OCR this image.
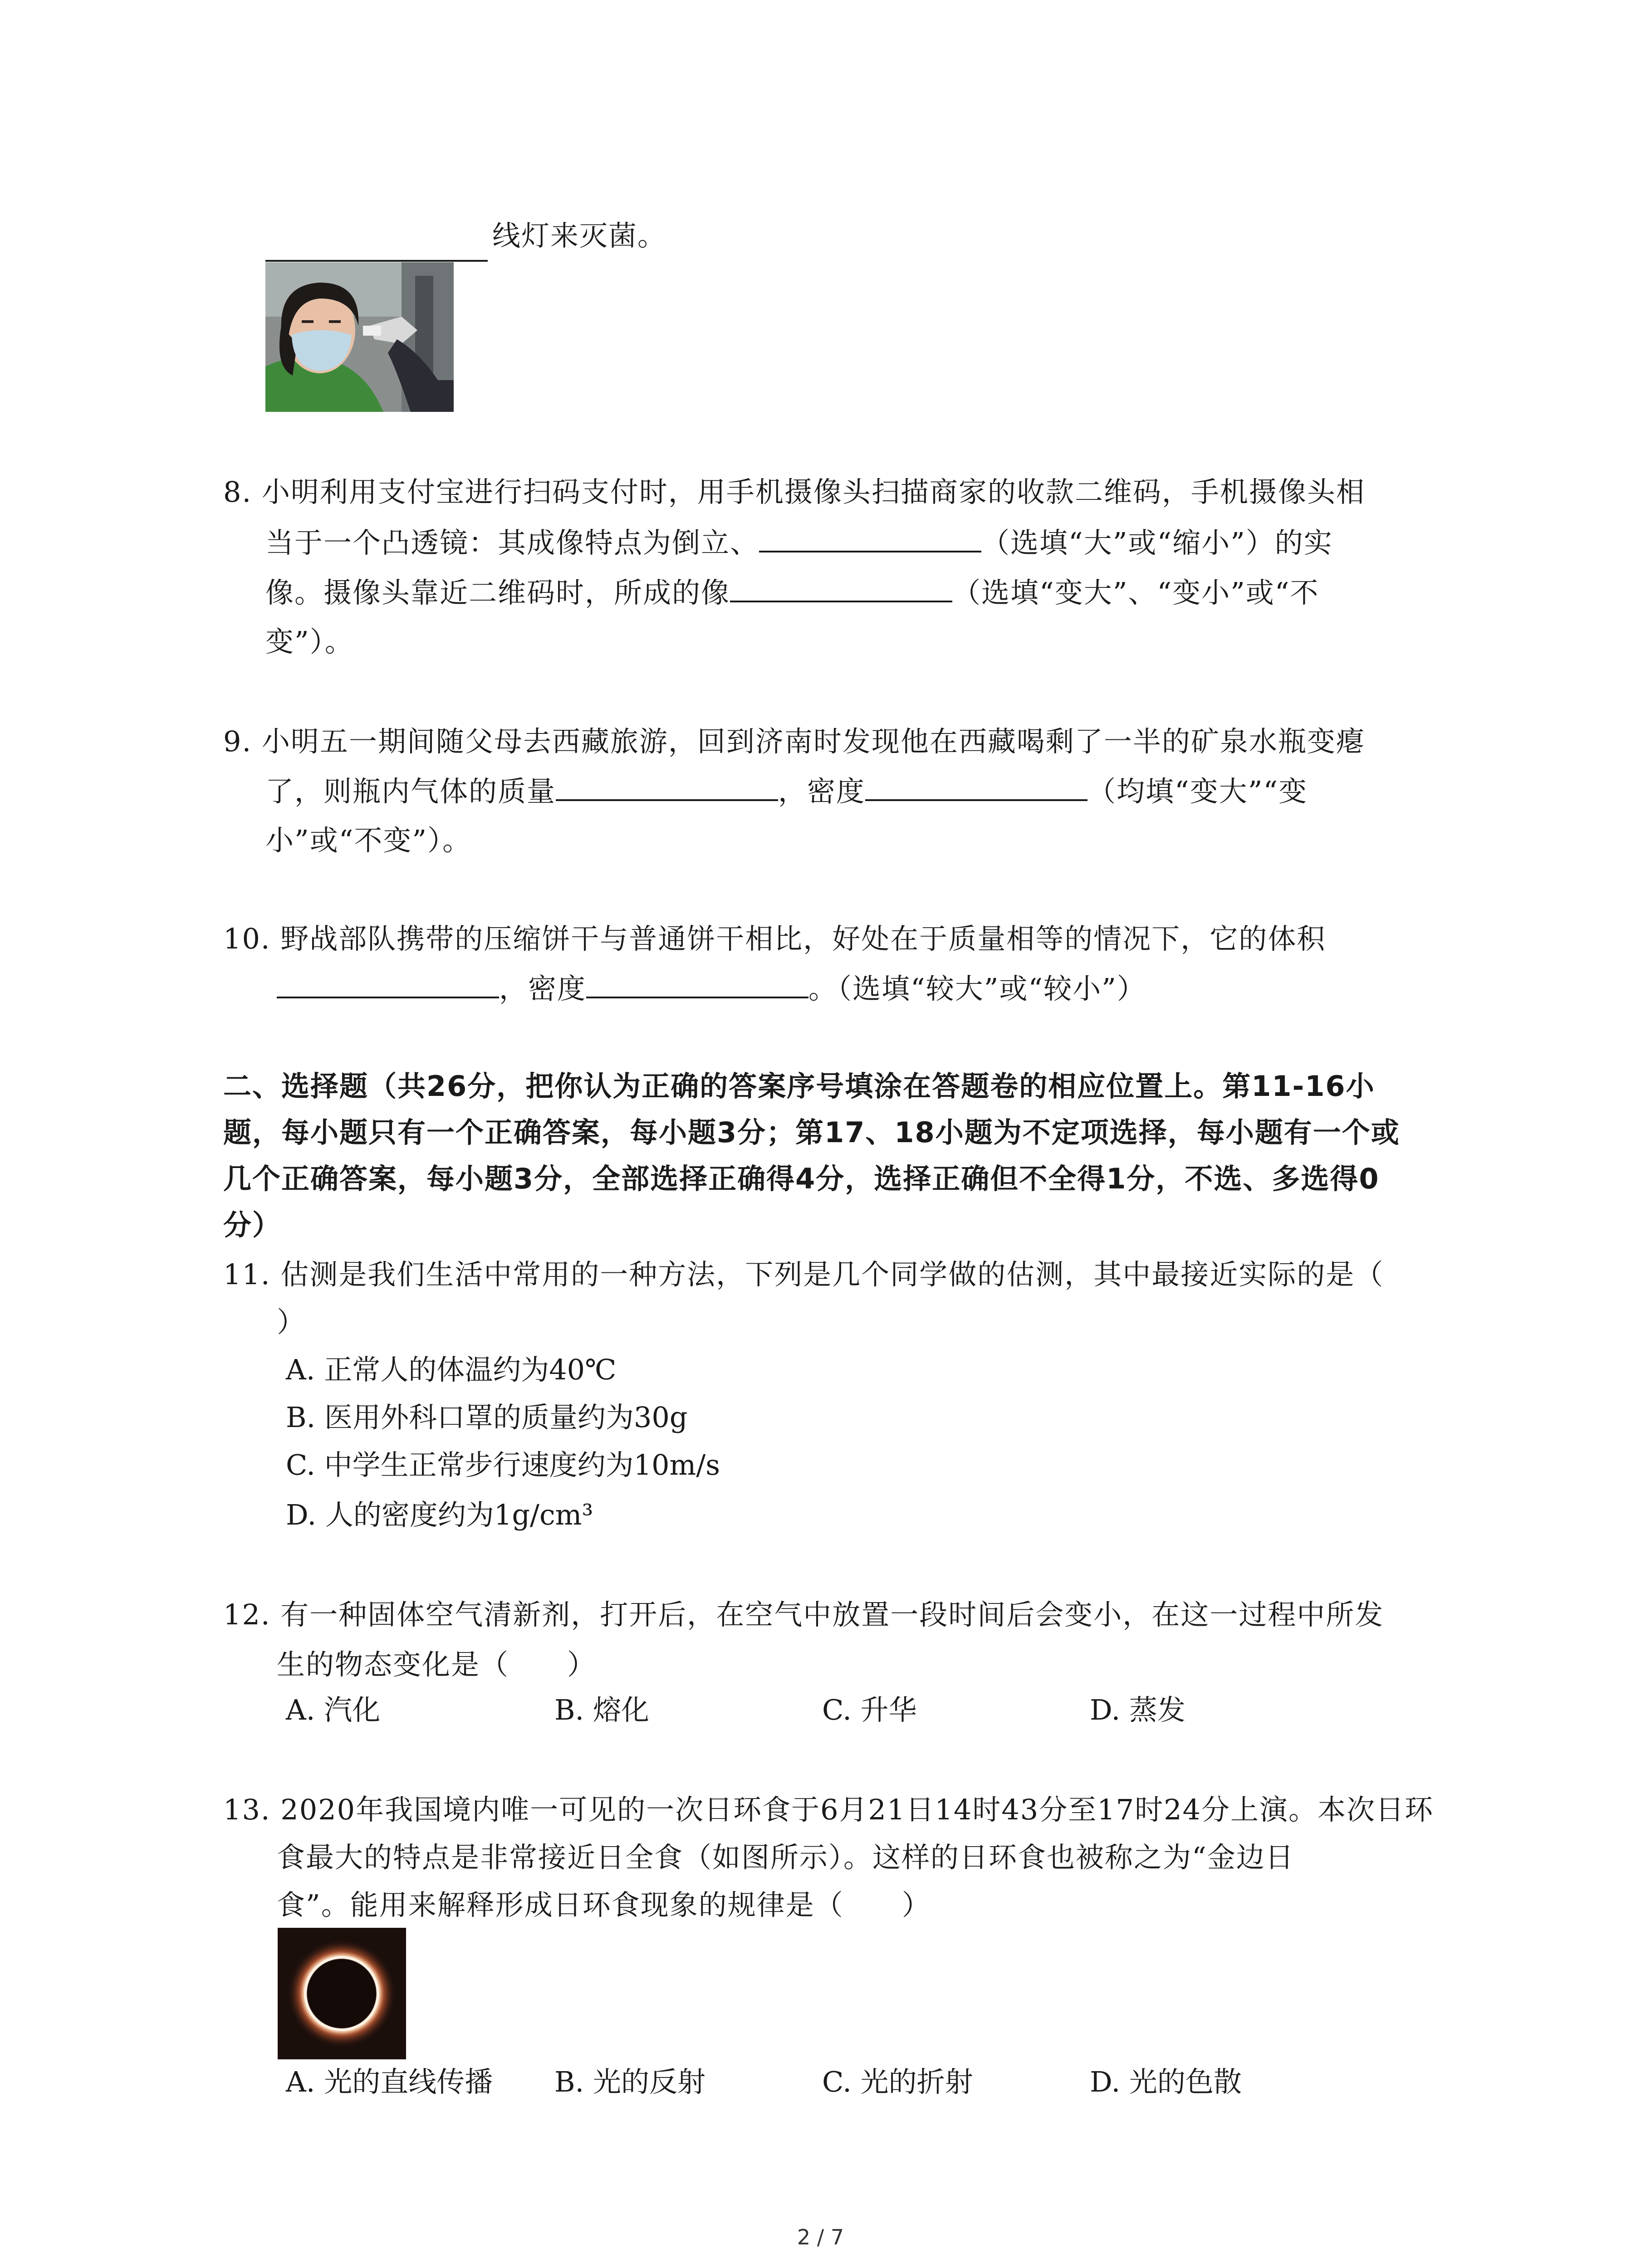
线灯来灭菌。
8. 小明利用支付宝进行扫码支付时，用手机摄像头扫描商家的收款二维码，手机摄像头相
当于一个凸透镜：其成像特点为倒立、	（选填“大”或“缩小”）的实
像。摄像头靠近二维码时，所成的像	（选填“变大”、“变小”或“不
变”）。
9. 小明五一期间随父母去西藏旅游，回到济南时发现他在西藏喝剩了一半的矿泉水瓶变瘪
了，则瓶内气体的质量	，密度	（均填“变大”“变
小”或“不变”）。
10. 野战部队携带的压缩饼干与普通饼干相比，好处在于质量相等的情况下，它的体积
，密度	。（选填“较大”或“较小”）
二、选择题（共26分，把你认为正确的答案序号填涂在答题卷的相应位置上。第11-16小
题，每小题只有一个正确答案，每小题3分；第17、18小题为不定项选择，每小题有一个或
几个正确答案，每小题3分，全部选择正确得4分，选择正确但不全得1分，不选、多选得0
分）
11. 估测是我们生活中常用的一种方法，下列是几个同学做的估测，其中最接近实际的是（
）
A. 正常人的体温约为40℃
B. 医用外科口罩的质量约为30g
C. 中学生正常步行速度约为10m/s
D. 人的密度约为1g/cm³
12. 有一种固体空气清新剂，打开后，在空气中放置一段时间后会变小，在这一过程中所发
生的物态变化是（　　）
A. 汽化	B. 熔化	C. 升华	D. 蒸发
13. 2020年我国境内唯一可见的一次日环食于6月21日14时43分至17时24分上演。本次日环
食最大的特点是非常接近日全食（如图所示）。这样的日环食也被称之为“金边日
食”。能用来解释形成日环食现象的规律是（　　）
A. 光的直线传播 B. 光的反射	C. 光的折射	D. 光的色散
2 / 7
